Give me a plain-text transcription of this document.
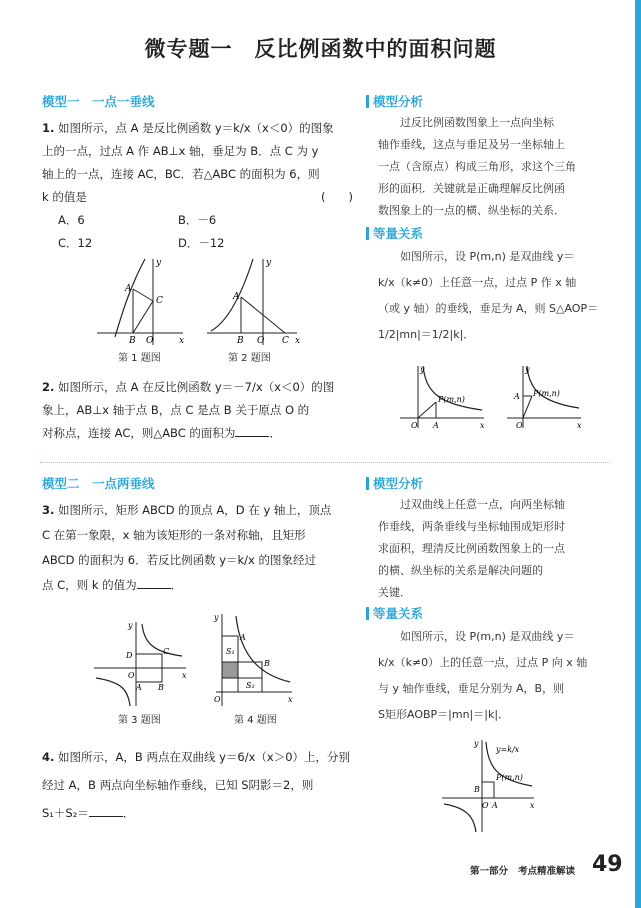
微专题一　反比例函数中的面积问题
模型一　一点一垂线
1. 如图所示，点 A 是反比例函数 y＝k/x（x＜0）的图象
上的一点，过点 A 作 AB⊥x 轴，垂足为 B．点 C 为 y
轴上的一点，连接 AC，BC．若△ABC 的面积为 6，则
k 的值是	(　　)
A．6	B．－6
C．12	D．－12
A
B
C
O	x
y
第 1 题图
A
B O C x
y
第 2 题图
2. 如图所示，点 A 在反比例函数 y＝－7/x（x＜0）的图
象上，AB⊥x 轴于点 B，点 C 是点 B 关于原点 O 的
对称点，连接 AC，则△ABC 的面积为	．
模型分析
过反比例函数图象上一点向坐标
轴作垂线，这点与垂足及另一坐标轴上
一点（含原点）构成三角形，求这个三角
形的面积．关键就是正确理解反比例函
数图象上的一点的横、纵坐标的关系．
等量关系
如图所示，设 P(m,n) 是双曲线 y＝
k/x（k≠0）上任意一点，过点 P 作 x 轴
（或 y 轴）的垂线，垂足为 A，则 S△AOP＝
1/2|mn|＝1/2|k|．
P(m,n)
O A	x
y
P(m,n)
A
O	x
y
模型二　一点两垂线
3. 如图所示，矩形 ABCD 的顶点 A，D 在 y 轴上，顶点
C 在第一象限，x 轴为该矩形的一条对称轴，且矩形
ABCD 的面积为 6．若反比例函数 y＝k/x 的图象经过
点 C，则 k 的值为	．
D	C
A B
O	x
y
第 3 题图
A
B
S₁
S₂
O	x
y
第 4 题图
4. 如图所示，A，B 两点在双曲线 y＝6/x（x＞0）上，分别
经过 A，B 两点向坐标轴作垂线，已知 S阴影＝2，则
S₁＋S₂＝	．
模型分析
过双曲线上任意一点，向两坐标轴
作垂线，两条垂线与坐标轴围成矩形时
求面积，理清反比例函数图象上的一点
的横、纵坐标的关系是解决问题的
关键．
等量关系
如图所示，设 P(m,n) 是双曲线 y＝
k/x（k≠0）上的任意一点，过点 P 向 x 轴
与 y 轴作垂线，垂足分别为 A，B，则
S矩形AOBP＝|mn|＝|k|．
y=k/x
P(m,n)
B
O A	x
y
第一部分 考点精准解读 49
